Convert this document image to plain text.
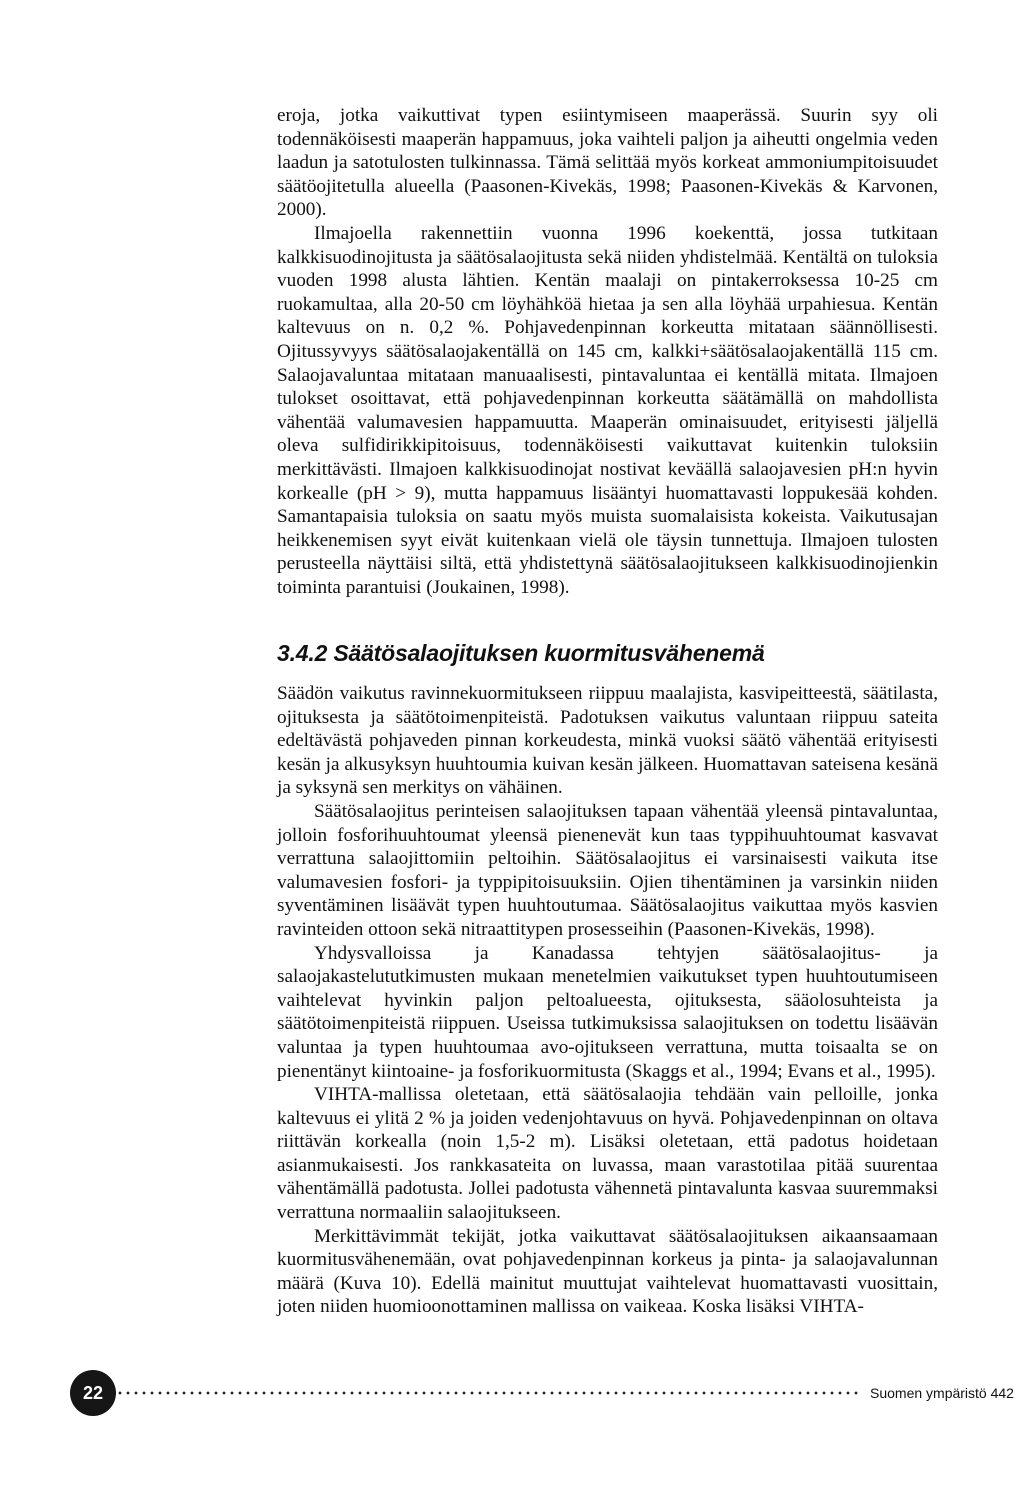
eroja, jotka vaikuttivat typen esiintymiseen maaperässä. Suurin syy oli todennäköisesti maaperän happamuus, joka vaihteli paljon ja aiheutti ongelmia veden laadun ja satotulosten tulkinnassa. Tämä selittää myös korkeat ammoniumpitoisuudet säätöojitetulla alueella (Paasonen-Kivekäs, 1998; Paasonen-Kivekäs & Karvonen, 2000).

Ilmajoella rakennettiin vuonna 1996 koekenttä, jossa tutkitaan kalkkisuodinojitusta ja säätösalaojitusta sekä niiden yhdistelmää. Kentältä on tuloksia vuoden 1998 alusta lähtien. Kentän maalaji on pintakerroksessa 10-25 cm ruokamultaa, alla 20-50 cm löyhähköä hietaa ja sen alla löyhää urpahiesua. Kentän kaltevuus on n. 0,2 %. Pohjavedenpinnan korkeutta mitataan säännöllisesti. Ojitussyvyys säätösalaojakentällä on 145 cm, kalkki+säätösalaojakentällä 115 cm. Salaojavaluntaa mitataan manuaalisesti, pintavaluntaa ei kentällä mitata. Ilmajoen tulokset osoittavat, että pohjavedenpinnan korkeutta säätämällä on mahdollista vähentää valumavesien happamuutta. Maaperän ominaisuudet, erityisesti jäljellä oleva sulfidirikkipitoisuus, todennäköisesti vaikuttavat kuitenkin tuloksiin merkittävästi. Ilmajoen kalkkisuodinojat nostivat keväällä salaojavesien pH:n hyvin korkealle (pH > 9), mutta happamuus lisääntyi huomattavasti loppukesää kohden. Samantapaisia tuloksia on saatu myös muista suomalaisista kokeista. Vaikutusajan heikkenemisen syyt eivät kuitenkaan vielä ole täysin tunnettuja. Ilmajoen tulosten perusteella näyttäisi siltä, että yhdistettynä säätösalaojitukseen kalkkisuodinojienkin toiminta parantuisi (Joukainen, 1998).

3.4.2 Säätösalaojituksen kuormitusvähenemä

Säädön vaikutus ravinnekuormitukseen riippuu maalajista, kasvipeitteestä, säätilasta, ojituksesta ja säätötoimenpiteistä. Padotuksen vaikutus valuntaan riippuu sateita edeltävästä pohjaveden pinnan korkeudesta, minkä vuoksi säätö vähentää erityisesti kesän ja alkusyksyn huuhtoumia kuivan kesän jälkeen. Huomattavan sateisena kesänä ja syksynä sen merkitys on vähäinen.

Säätösalaojitus perinteisen salaojituksen tapaan vähentää yleensä pintavaluntaa, jolloin fosforihuuhtoumat yleensä pienenevät kun taas typpihuuhtoumat kasvavat verrattuna salaojittomiin peltoihin. Säätösalaojitus ei varsinaisesti vaikuta itse valumavesien fosfori- ja typpipitoisuuksiin. Ojien tihentäminen ja varsinkin niiden syventäminen lisäävät typen huuhtoutumaa. Säätösalaojitus vaikuttaa myös kasvien ravinteiden ottoon sekä nitraattitypen prosesseihin (Paasonen-Kivekäs, 1998).

Yhdysvalloissa ja Kanadassa tehtyjen säätösalaojitus- ja salaojakastelututkimusten mukaan menetelmien vaikutukset typen huuhtoutumiseen vaihtelevat hyvinkin paljon peltoalueesta, ojituksesta, sääolosuhteista ja säätötoimenpiteistä riippuen. Useissa tutkimuksissa salaojituksen on todettu lisäävän valuntaa ja typen huuhtoumaa avo-ojitukseen verrattuna, mutta toisaalta se on pienentänyt kiintoaine- ja fosforikuormitusta (Skaggs et al., 1994; Evans et al., 1995).

VIHTA-mallissa oletetaan, että säätösalaojia tehdään vain pelloille, jonka kaltevuus ei ylitä 2 % ja joiden vedenjohtavuus on hyvä. Pohjavedenpinnan on oltava riittävän korkealla (noin 1,5-2 m). Lisäksi oletetaan, että padotus hoidetaan asianmukaisesti. Jos rankkasateita on luvassa, maan varastotilaa pitää suurentaa vähentämällä padotusta. Jollei padotusta vähennetä pintavalunta kasvaa suuremmaksi verrattuna normaaliin salaojitukseen.

Merkittävimmät tekijät, jotka vaikuttavat säätösalaojituksen aikaansaamaan kuormitusvähenemään, ovat pohjavedenpinnan korkeus ja pinta- ja salaojavalunnan määrä (Kuva 10). Edellä mainitut muuttujat vaihtelevat huomattavasti vuosittain, joten niiden huomioonottaminen mallissa on vaikeaa. Koska lisäksi VIHTA-

22	Suomen ympäristö 442
